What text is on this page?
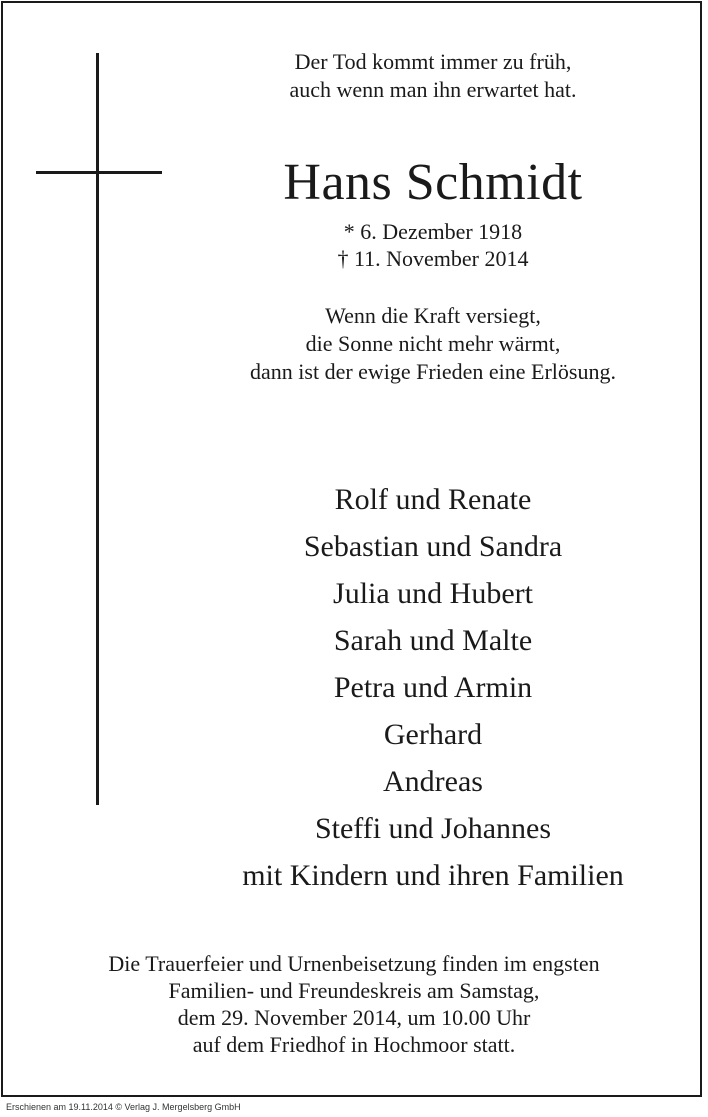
Der Tod kommt immer zu früh,

auch wenn man ihn erwartet hat.

Hans Schmidt

* 6. Dezember 1918

† 11. November 2014

Wenn die Kraft versiegt,

die Sonne nicht mehr wärmt,

dann ist der ewige Frieden eine Erlösung.

Rolf und Renate

Sebastian und Sandra

Julia und Hubert

Sarah und Malte

Petra und Armin

Gerhard

Andreas

Steffi und Johannes

mit Kindern und ihren Familien

Die Trauerfeier und Urnenbeisetzung finden im engsten

Familien- und Freundeskreis am Samstag,

dem 29. November 2014, um 10.00 Uhr

auf dem Friedhof in Hochmoor statt.

Erschienen am 19.11.2014 © Verlag J. Mergelsberg GmbH
